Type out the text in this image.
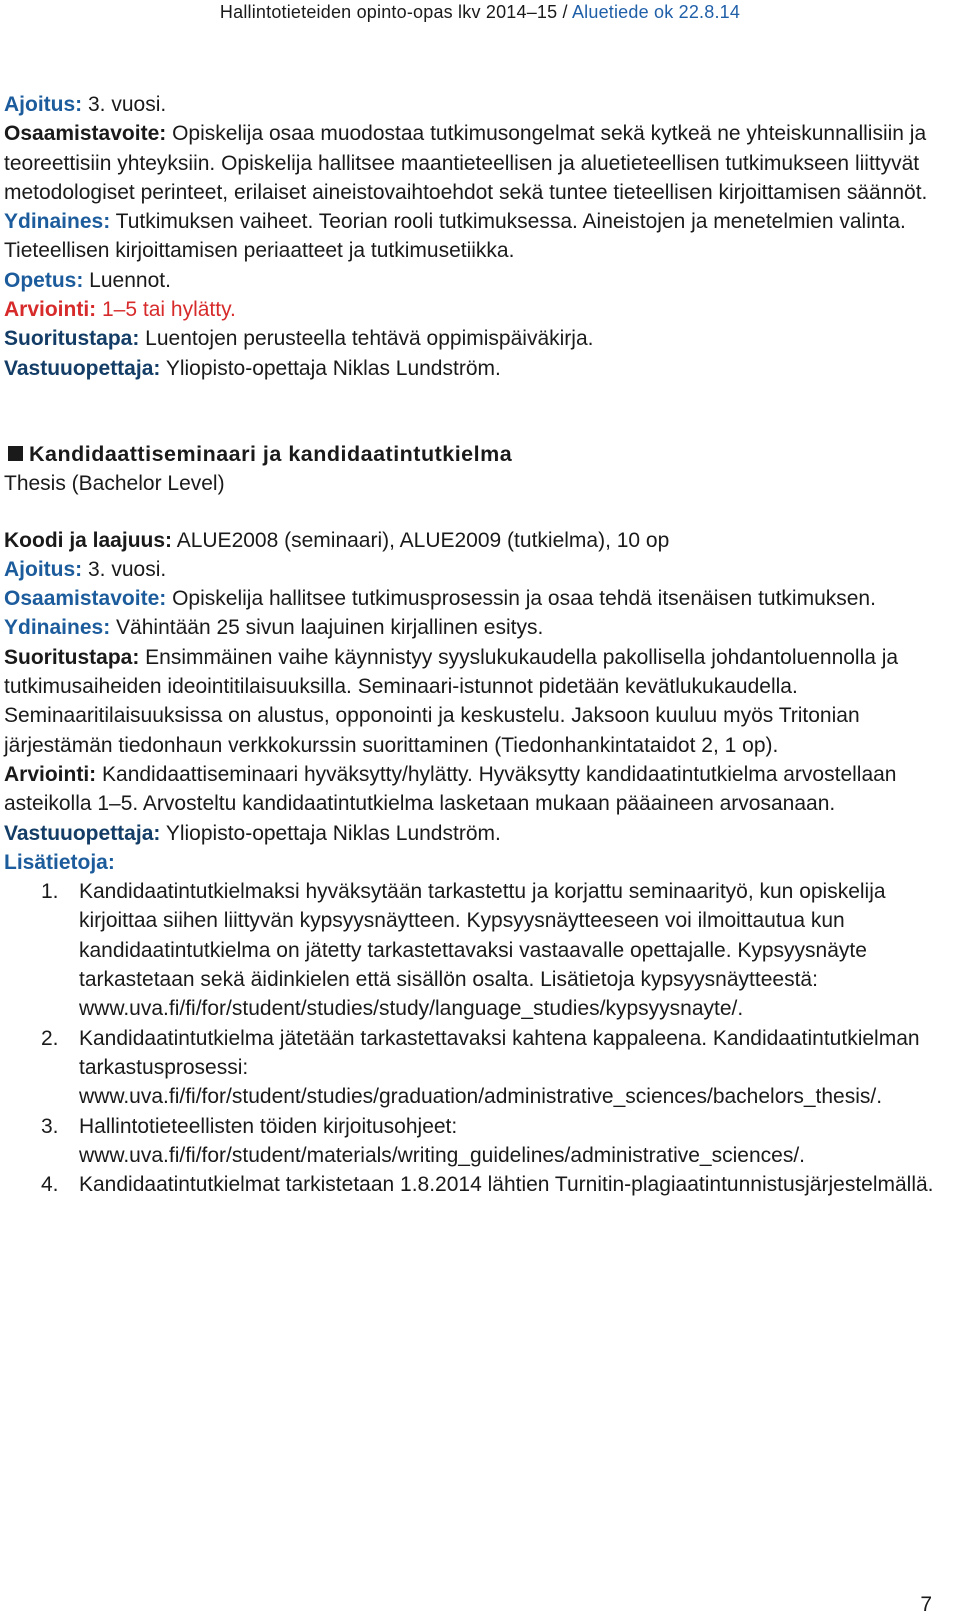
Hallintotieteiden opinto-opas lkv 2014–15 / Aluetiede ok 22.8.14

Ajoitus: 3. vuosi.

Osaamistavoite: Opiskelija osaa muodostaa tutkimusongelmat sekä kytkeä ne yhteiskunnallisiin ja teoreettisiin yhteyksiin. Opiskelija hallitsee maantieteellisen ja aluetieteellisen tutkimukseen liittyvät metodologiset perinteet, erilaiset aineistovaihtoehdot sekä tuntee tieteellisen kirjoittamisen säännöt.

Ydinaines: Tutkimuksen vaiheet. Teorian rooli tutkimuksessa. Aineistojen ja menetelmien valinta. Tieteellisen kirjoittamisen periaatteet ja tutkimusetiikka.

Opetus: Luennot.

Arviointi: 1–5 tai hylätty.

Suoritustapa: Luentojen perusteella tehtävä oppimispäiväkirja.

Vastuuopettaja: Yliopisto-opettaja Niklas Lundström.

Kandidaattiseminaari ja kandidaatintutkielma

Thesis (Bachelor Level)

Koodi ja laajuus: ALUE2008 (seminaari), ALUE2009 (tutkielma), 10 op

Ajoitus: 3. vuosi.

Osaamistavoite: Opiskelija hallitsee tutkimusprosessin ja osaa tehdä itsenäisen tutkimuksen.

Ydinaines: Vähintään 25 sivun laajuinen kirjallinen esitys.

Suoritustapa: Ensimmäinen vaihe käynnistyy syyslukukaudella pakollisella johdantoluennolla ja tutkimusaiheiden ideointitilaisuuksilla. Seminaari-istunnot pidetään kevätlukukaudella. Seminaaritilaisuuksissa on alustus, opponointi ja keskustelu. Jaksoon kuuluu myös Tritonian järjestämän tiedonhaun verkkokurssin suorittaminen (Tiedonhankintataidot 2, 1 op).

Arviointi: Kandidaattiseminaari hyväksytty/hylätty. Hyväksytty kandidaatintutkielma arvostellaan asteikolla 1–5. Arvosteltu kandidaatintutkielma lasketaan mukaan pääaineen arvosanaan.

Vastuuopettaja: Yliopisto-opettaja Niklas Lundström.

Lisätietoja:

1. Kandidaatintutkielmaksi hyväksytään tarkastettu ja korjattu seminaarityö, kun opiskelija kirjoittaa siihen liittyvän kypsyysnäytteen. Kypsyysnäytteeseen voi ilmoittautua kun kandidaatintutkielma on jätetty tarkastettavaksi vastaavalle opettajalle. Kypsyysnäyte tarkastetaan sekä äidinkielen että sisällön osalta. Lisätietoja kypsyysnäytteestä: www.uva.fi/fi/for/student/studies/study/language_studies/kypsyysnayte/.
2. Kandidaatintutkielma jätetään tarkastettavaksi kahtena kappaleena. Kandidaatintutkielman tarkastusprosessi: www.uva.fi/fi/for/student/studies/graduation/administrative_sciences/bachelors_thesis/.
3. Hallintotieteellisten töiden kirjoitusohjeet: www.uva.fi/fi/for/student/materials/writing_guidelines/administrative_sciences/.
4. Kandidaatintutkielmat tarkistetaan 1.8.2014 lähtien Turnitin-plagiaatintunnistusjärjestelmällä.
7
